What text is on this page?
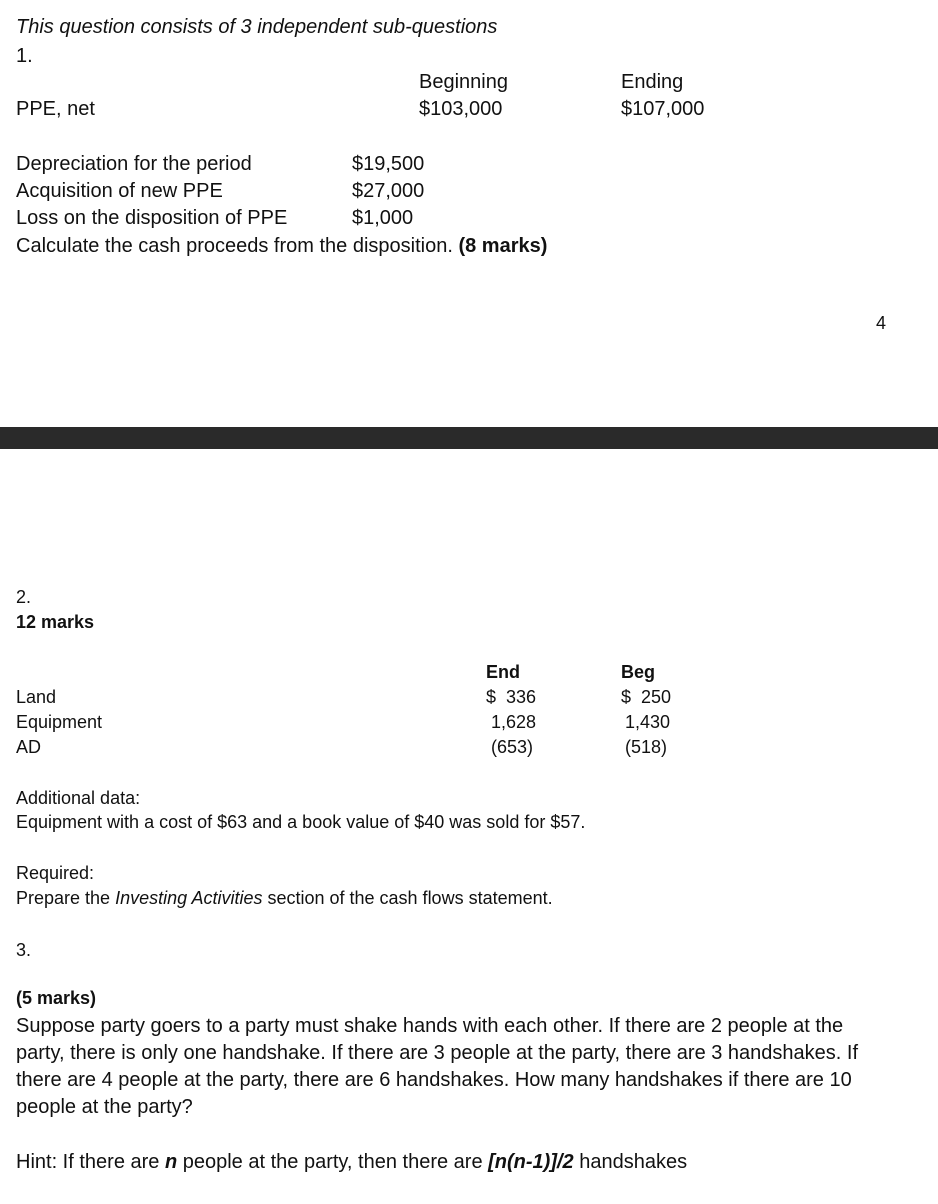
This question consists of 3 independent sub-questions
1.
Beginning	Ending
PPE, net	$103,000	$107,000
Depreciation for the period	$19,500
Acquisition of new PPE	$27,000
Loss on the disposition of PPE	$1,000
Calculate the cash proceeds from the disposition. (8 marks)
4
2.
12 marks
End	Beg
Land	$  336	$  250
Equipment	1,628	1,430
AD	(653)	(518)
Additional data:
Equipment with a cost of $63 and a book value of $40 was sold for $57.
Required:
Prepare the Investing Activities section of the cash flows statement.
3.
(5 marks)
Suppose party goers to a party must shake hands with each other. If there are 2 people at the party, there is only one handshake. If there are 3 people at the party, there are 3 handshakes. If there are 4 people at the party, there are 6 handshakes. How many handshakes if there are 10 people at the party?
Hint: If there are n people at the party, then there are [n(n-1)]/2 handshakes
